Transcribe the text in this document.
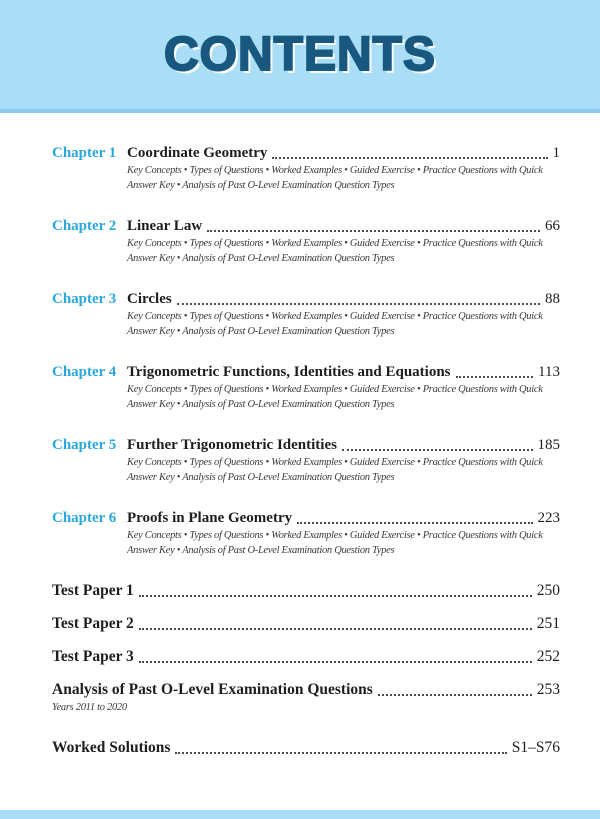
CONTENTS
Chapter 1 Coordinate Geometry	1
Key Concepts • Types of Questions • Worked Examples • Guided Exercise • Practice Questions with Quick Answer Key • Analysis of Past O-Level Examination Question Types
Chapter 2 Linear Law	66
Key Concepts • Types of Questions • Worked Examples • Guided Exercise • Practice Questions with Quick Answer Key • Analysis of Past O-Level Examination Question Types
Chapter 3 Circles	88
Key Concepts • Types of Questions • Worked Examples • Guided Exercise • Practice Questions with Quick Answer Key • Analysis of Past O-Level Examination Question Types
Chapter 4 Trigonometric Functions, Identities and Equations	113
Key Concepts • Types of Questions • Worked Examples • Guided Exercise • Practice Questions with Quick Answer Key • Analysis of Past O-Level Examination Question Types
Chapter 5 Further Trigonometric Identities	185
Key Concepts • Types of Questions • Worked Examples • Guided Exercise • Practice Questions with Quick Answer Key • Analysis of Past O-Level Examination Question Types
Chapter 6 Proofs in Plane Geometry	223
Key Concepts • Types of Questions • Worked Examples • Guided Exercise • Practice Questions with Quick Answer Key • Analysis of Past O-Level Examination Question Types
Test Paper 1	250
Test Paper 2	251
Test Paper 3	252
Analysis of Past O-Level Examination Questions	253
Years 2011 to 2020
Worked Solutions	S1–S76
